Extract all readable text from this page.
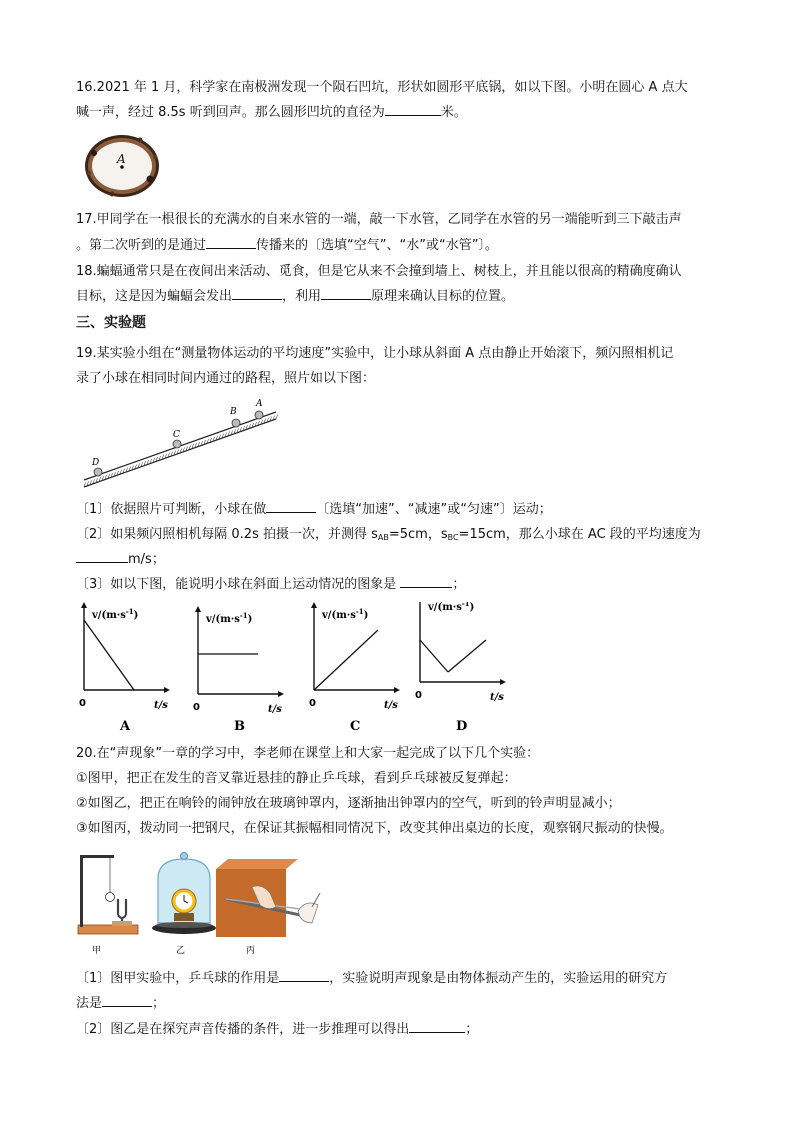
16.2021 年 1 月，科学家在南极洲发现一个陨石凹坑，形状如圆形平底锅，如以下图。小明在圆心 A 点大
喊一声，经过 8.5s 听到回声。那么圆形凹坑的直径为	米。
A
17.甲同学在一根很长的充满水的自来水管的一端，敲一下水管，乙同学在水管的另一端能听到三下敲击声
。第二次听到的是通过	传播来的〔选填“空气”、“水”或“水管”〕。
18.蝙蝠通常只是在夜间出来活动、觅食，但是它从来不会撞到墙上、树枝上，并且能以很高的精确度确认
目标，这是因为蝙蝠会发出	，利用	原理来确认目标的位置。
三、实验题
19.某实验小组在“测量物体运动的平均速度”实验中，让小球从斜面 A 点由静止开始滚下，频闪照相机记
录了小球在相同时间内通过的路程，照片如以下图：
A
B
C
D
〔1〕依据照片可判断，小球在做	〔选填“加速”、“减速”或“匀速”〕运动；
〔2〕如果频闪照相机每隔 0.2s 拍摄一次，并测得 $s_{AB}=5cm$，$s_{BC}=15cm$，那么小球在 AC 段的平均速度为
m/s；
〔3〕如以下图，能说明小球在斜面上运动情况的图象是	；
$v/(m\cdot s^{-1})$
0	t/s
A
$v/(m\cdot s^{-1})$
0	t/s
B
$v/(m\cdot s^{-1})$
0	t/s
C
$v/(m\cdot s^{-1})$
0	t/s
D
20.在“声现象”一章的学习中，李老师在课堂上和大家一起完成了以下几个实验：
①图甲，把正在发生的音叉靠近悬挂的静止乒乓球，看到乒乓球被反复弹起：
②如图乙，把正在响铃的闹钟放在玻璃钟罩内，逐渐抽出钟罩内的空气，听到的铃声明显减小；
③如图丙，拨动同一把钢尺，在保证其振幅相同情况下，改变其伸出桌边的长度，观察钢尺振动的快慢。
甲	乙	丙
〔1〕图甲实验中，乒乓球的作用是	，实验说明声现象是由物体振动产生的，实验运用的研究方
法是	；
〔2〕图乙是在探究声音传播的条件，进一步推理可以得出	；
